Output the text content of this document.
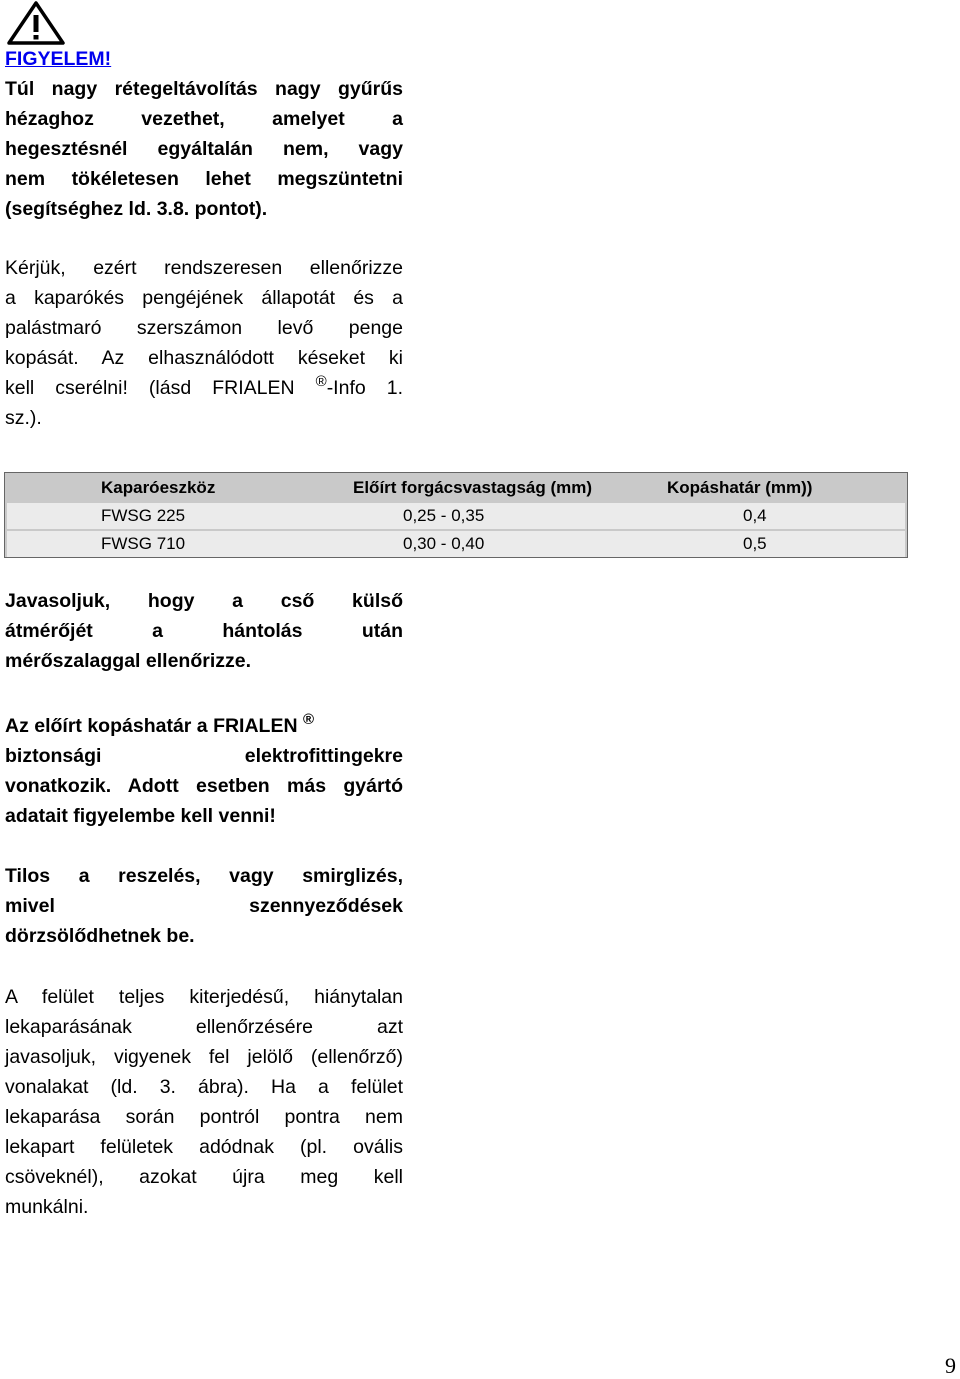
FIGYELEM!
Túl nagy rétegeltávolítás nagy gyűrűs
hézaghoz vezethet, amelyet a
hegesztésnél egyáltalán nem, vagy
nem tökéletesen lehet megszüntetni
(segítséghez ld. 3.8. pontot).
Kérjük, ezért rendszeresen ellenőrizze
a kaparókés pengéjének állapotát és a
palástmaró szerszámon levő penge
kopását. Az elhasználódott késeket ki
kell cserélni! (lásd FRIALEN ®-Info 1.
sz.).
Kaparóeszköz	Előírt forgácsvastagság (mm)	Kopáshatár (mm))
FWSG 225	0,25 - 0,35	0,4
FWSG 710	0,30 - 0,40	0,5
Javasoljuk, hogy a cső külső
átmérőjét a hántolás után
mérőszalaggal ellenőrizze.
Az előírt kopáshatár a FRIALEN ®
biztonsági elektrofittingekre
vonatkozik. Adott esetben más gyártó
adatait figyelembe kell venni!
Tilos a reszelés, vagy smirglizés,
mivel szennyeződések
dörzsölődhetnek be.
A felület teljes kiterjedésű, hiánytalan
lekaparásának ellenőrzésére azt
javasoljuk, vigyenek fel jelölő (ellenőrző)
vonalakat (ld. 3. ábra). Ha a felület
lekaparása során pontról pontra nem
lekapart felületek adódnak (pl. ovális
csöveknél), azokat újra meg kell
munkálni.
9
